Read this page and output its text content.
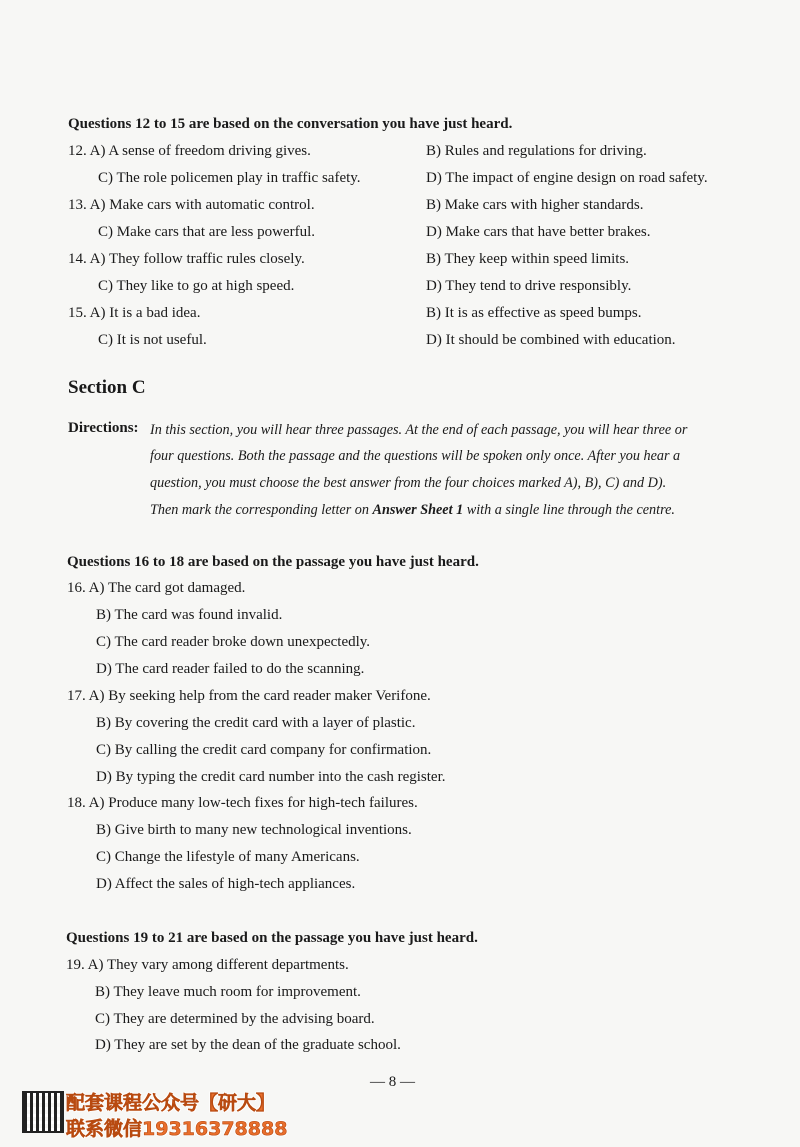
Questions 12 to 15 are based on the conversation you have just heard.
12. A) A sense of freedom driving gives.	B) Rules and regulations for driving.
C) The role policemen play in traffic safety.	D) The impact of engine design on road safety.
13. A) Make cars with automatic control.	B) Make cars with higher standards.
C) Make cars that are less powerful.	D) Make cars that have better brakes.
14. A) They follow traffic rules closely.	B) They keep within speed limits.
C) They like to go at high speed.	D) They tend to drive responsibly.
15. A) It is a bad idea.	B) It is as effective as speed bumps.
C) It is not useful.	D) It should be combined with education.
Section C
Directions: In this section, you will hear three passages. At the end of each passage, you will hear three or
four questions. Both the passage and the questions will be spoken only once. After you hear a
question, you must choose the best answer from the four choices marked A), B), C) and D).
Then mark the corresponding letter on Answer Sheet 1 with a single line through the centre.
Questions 16 to 18 are based on the passage you have just heard.
16. A) The card got damaged.
B) The card was found invalid.
C) The card reader broke down unexpectedly.
D) The card reader failed to do the scanning.
17. A) By seeking help from the card reader maker Verifone.
B) By covering the credit card with a layer of plastic.
C) By calling the credit card company for confirmation.
D) By typing the credit card number into the cash register.
18. A) Produce many low-tech fixes for high-tech failures.
B) Give birth to many new technological inventions.
C) Change the lifestyle of many Americans.
D) Affect the sales of high-tech appliances.
Questions 19 to 21 are based on the passage you have just heard.
19. A) They vary among different departments.
B) They leave much room for improvement.
C) They are determined by the advising board.
D) They are set by the dean of the graduate school.
— 8 —
配套课程公众号【研大】
联系微信19316378888
